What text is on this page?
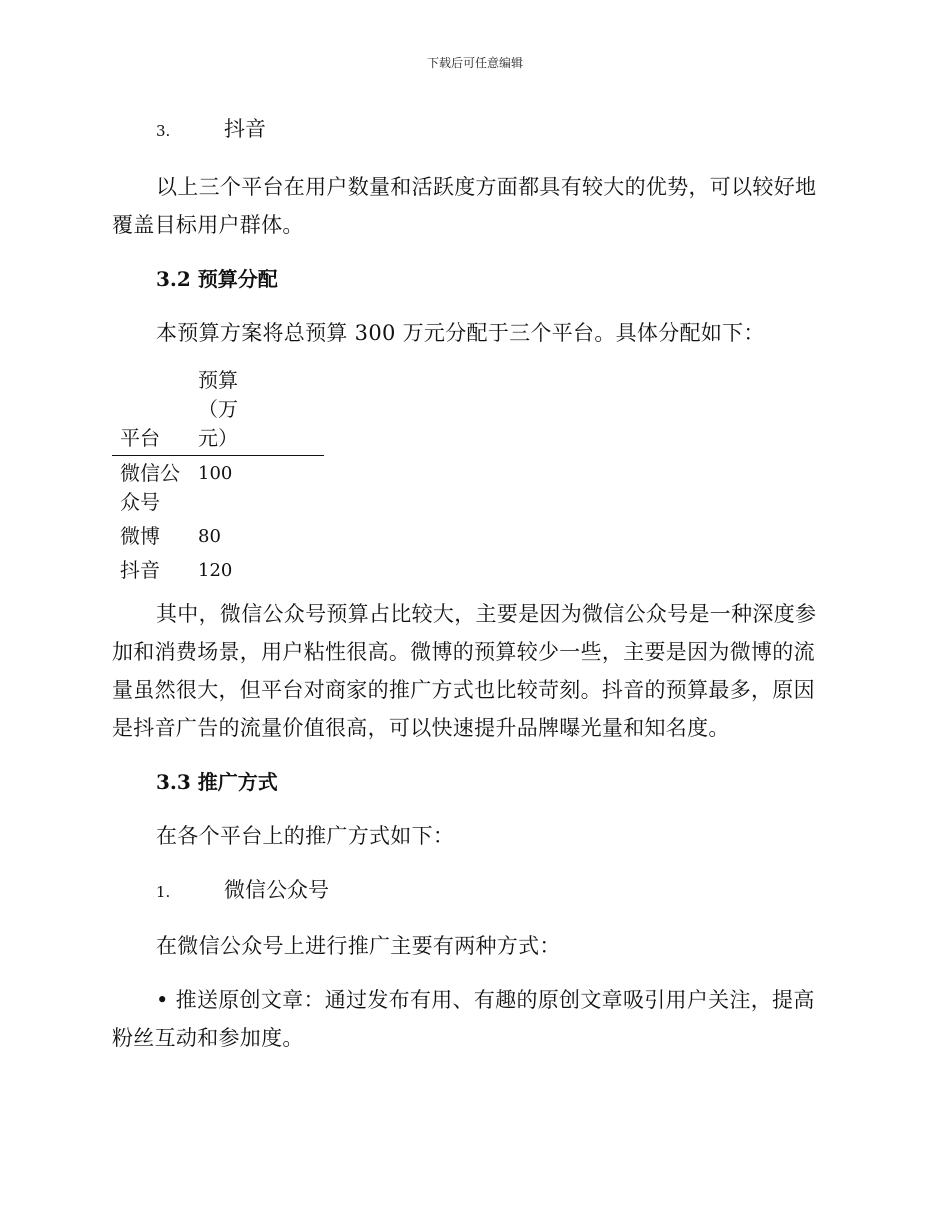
下载后可任意编辑
3.	抖音

以上三个平台在用户数量和活跃度方面都具有较大的优势，可以较好地覆盖目标用户群体。

3.2 预算分配

本预算方案将总预算 300 万元分配于三个平台。具体分配如下：

平台	预算（万元）	
微信公众号	100	
微博	80	
抖音	120	

其中，微信公众号预算占比较大，主要是因为微信公众号是一种深度参加和消费场景，用户粘性很高。微博的预算较少一些，主要是因为微博的流量虽然很大，但平台对商家的推广方式也比较苛刻。抖音的预算最多，原因是抖音广告的流量价值很高，可以快速提升品牌曝光量和知名度。

3.3 推广方式

在各个平台上的推广方式如下：

1.	微信公众号

在微信公众号上进行推广主要有两种方式：

• 推送原创文章：通过发布有用、有趣的原创文章吸引用户关注，提高粉丝互动和参加度。
